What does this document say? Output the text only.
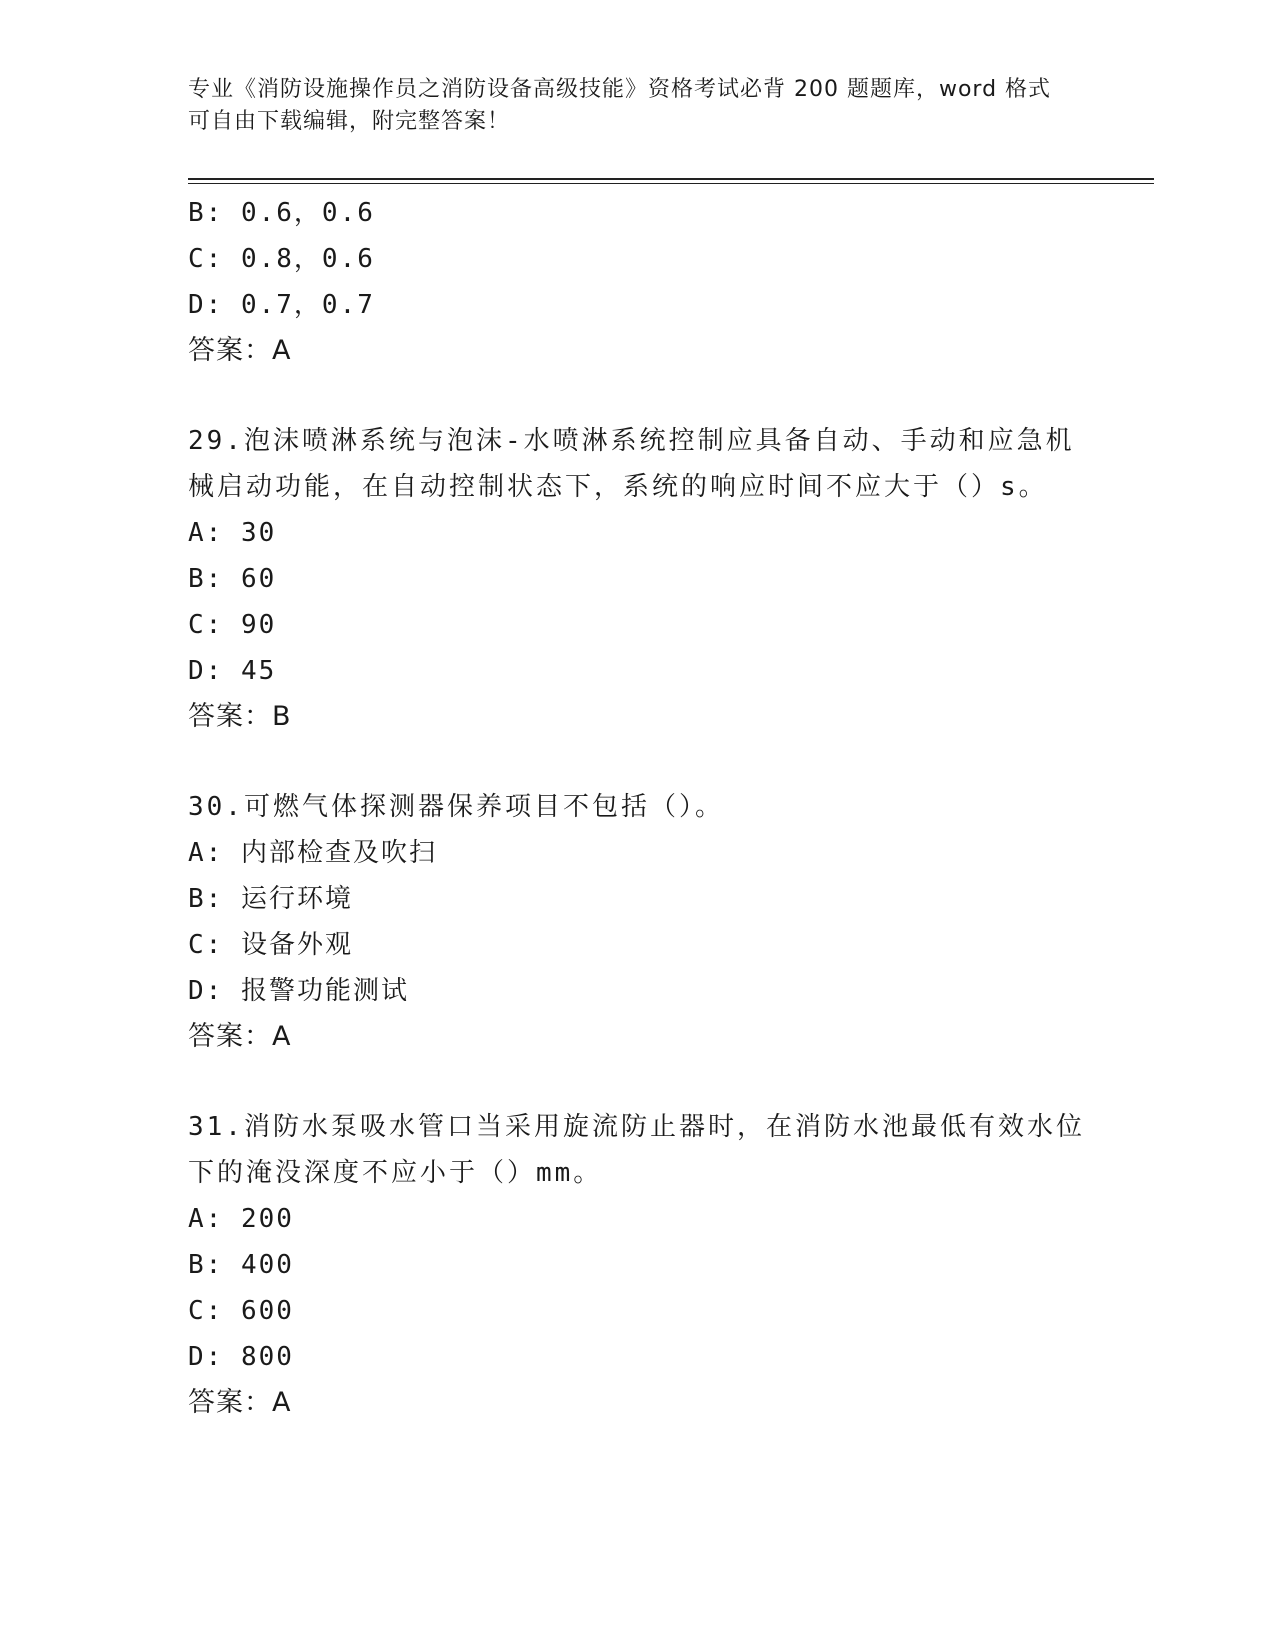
专业《消防设施操作员之消防设备高级技能》资格考试必背 200 题题库，word 格式可自由下载编辑，附完整答案！
B: 0.6，0.6
C: 0.8，0.6
D: 0.7，0.7
答案：A
29.泡沫喷淋系统与泡沫-水喷淋系统控制应具备自动、手动和应急机
械启动功能，在自动控制状态下，系统的响应时间不应大于（）s。
A: 30
B: 60
C: 90
D: 45
答案：B
30.可燃气体探测器保养项目不包括（）。
A: 内部检查及吹扫
B: 运行环境
C: 设备外观
D: 报警功能测试
答案：A
31.消防水泵吸水管口当采用旋流防止器时，在消防水池最低有效水位
下的淹没深度不应小于（）mm。
A: 200
B: 400
C: 600
D: 800
答案：A
